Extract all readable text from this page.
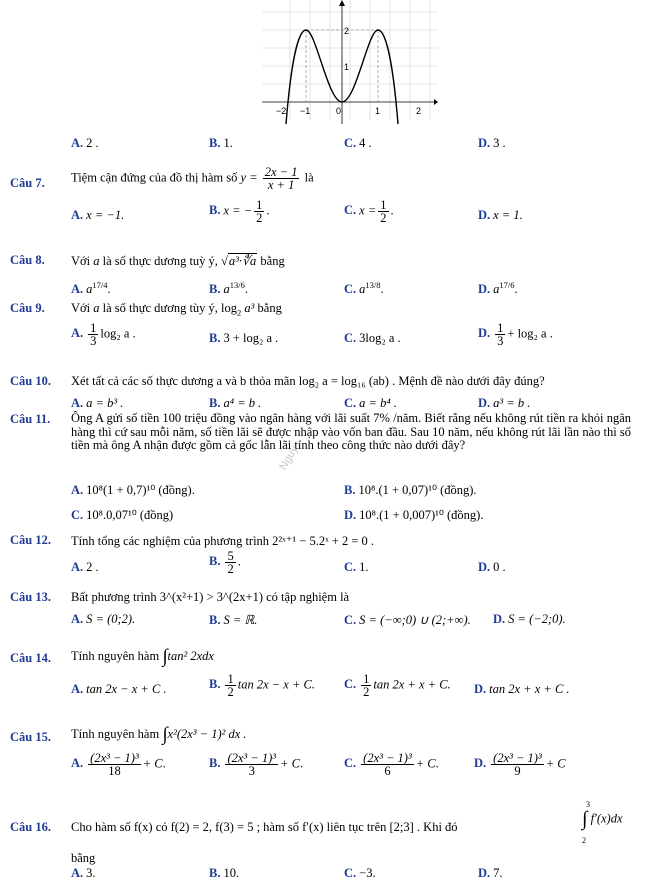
−2 −1	0	1	2
2
1
A. 2 .	B. 1.	C. 4 .	D. 3 .
Câu 7. Tiệm cận đứng của đồ thị hàm số $y = \frac{2x - 1}{x + 1}$ là
A. x = −1.	B. x = − $\frac{1}{2}$ .	C. $x = \frac{1}{2}$ .	D. x = 1.
Câu 8. Với a là số thực dương tuỳ ý, √a³·∜a bằng
A. $a^{17/4}$.	B. $a^{13/6}$.	C. $a^{13/8}$.	D. $a^{17/6}$.
Câu 9. Với a là số thực dương tùy ý, $\log_2 a^3$ bằng
A. $\frac{1}{3} \log_2$ a .	B. 3 + log₂ a .	C. 3log₂ a .	D. $\frac{1}{3} + \log_2$ a .
Câu 10. Xét tất cả các số thực dương a và b thỏa mãn log₂ a = log₁₆ (ab) . Mệnh đề nào dưới đây đúng?
A. a = b³ .	B. a⁴ = b .	C. a = b⁴ .	D. a³ = b .
Câu 11. Ông A gửi số tiền 100 triệu đồng vào ngân hàng với lãi suất 7% /năm. Biết rằng nếu không rút tiền ra khỏi ngân hàng thì cứ sau mỗi năm, số tiền lãi sẽ được nhập vào vốn ban đầu. Sau 10 năm, nếu không rút lãi lần nào thì số tiền mà ông A nhận được gồm cả gốc lẫn lãi tính theo công thức nào dưới đây?
Nguy
A. 10⁸(1 + 0,7)¹⁰ (đồng).	B. 10⁸.(1 + 0,07)¹⁰ (đồng).
C. 10⁸.0,07¹⁰ (đồng)	D. 10⁸.(1 + 0,007)¹⁰ (đồng).
Câu 12. Tính tổng các nghiệm của phương trình 2²ˣ⁺¹ − 5.2ˣ + 2 = 0 .
A. 2 .	B. $\frac{5}{2}$ .	C. 1.	D. 0 .
Câu 13. Bất phương trình 3^(x²+1) > 3^(2x+1) có tập nghiệm là
A. S = (0;2).	B. S = ℝ.	C. S = (−∞;0) ∪ (2;+∞). D. S = (−2;0).
Câu 14. Tính nguyên hàm ∫tan² 2xdx
A. tan 2x − x + C .	B. $\frac{1}{2}$ tan 2x − x + C. C. $\frac{1}{2}$ tan 2x + x + C. D. tan 2x + x + C .
Câu 15. Tính nguyên hàm ∫x²(2x³ − 1)² dx .
A. $\frac{\text{(2x³ − 1)³}}{18} + C$.	B. $\frac{\text{(2x³ − 1)³}}{3} + C$.	C. $\frac{\text{(2x³ − 1)³}}{6} + C$.	D. $\frac{\text{(2x³ − 1)³}}{9} + C$
Câu 16. Cho hàm số f(x) có f(2) = 2, f(3) = 5 ; hàm số f′(x) liên tục trên [2;3] . Khi đó
3
∫
2
f′(x)dx
bằng
A. 3.	B. 10.	C. −3.	D. 7.
